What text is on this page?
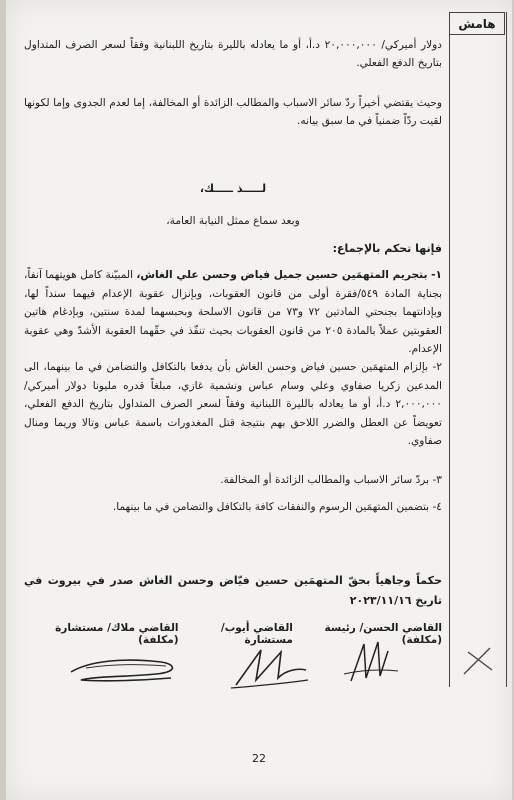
هامش
دولار أميركي/ ٢٠,٠٠٠,٠٠٠ د.أ، أو ما يعادله بالليرة بتاريخ اللبنانية وفقاً لسعر الصرف المتداول بتاريخ الدفع الفعلي.
وحيث يقتضي أخيراً ردّ سائر الاسباب والمطالب الزائدة أو المخالفة، إما لعدم الجدوى وإما لكونها لقيت ردّاً ضمنياً في ما سبق بيانه.
لـــــذ ـــــك،
وبعد سماع ممثل النيابة العامة،
فإنها تحكم بالإجماع:
١- بتجريم المتهمَين حسين جميل فياض وحسن علي الغاش، المبيّنة كامل هويتهما آنفاً، بجناية المادة ٥٤٩/فقرة أولى من قانون العقوبات، وبإنزال عقوبة الإعدام فيهما سنداً لها، وبإدانتهما بجنحتي المادتين ٧٢ و٧٣ من قانون الاسلحة وبحبسهما لمدة سنتين، وبإدغام هاتين العقوبتين عملاً بالمادة ٢٠٥ من قانون العقوبات بحيث تنفّذ في حقّهما العقوبة الأشدّ وهي عقوبة الإعدام.
٢- بإلزام المتهمَين حسين فياض وحسن الغاش بأن يدفعا بالتكافل والتضامن في ما بينهما، الى المدعين زكريا صفاوي وعلي وسام عباس ونشمية غازي، مبلغاً قدره مليونا دولار أميركي/ ٢,٠٠٠,٠٠٠ د.أ، أو ما يعادله بالليرة اللبنانية وفقاً لسعر الصرف المتداول بتاريخ الدفع الفعلي، تعويضاً عن العطل والضرر اللاحق بهم بنتيجة قتل المغدورات باسمة عباس وتالا وريما ومنال صفاوي.
٣- بردّ سائر الاسباب والمطالب الزائدة أو المخالفة.
٤- بتضمين المتهمَين الرسوم والنفقات كافة بالتكافل والتضامن في ما بينهما.
حكماً وجاهياً بحقّ المتهمَين حسين فيّاض وحسن الغاش صدر في بيروت في تاريخ ٢٠٢٣/١١/١٦
القاضي الحسن/ رئيسة (مكلفة)
القاضي أيوب/ مستشارة
القاضي ملاك/ مستشارة (مكلفة)
22
